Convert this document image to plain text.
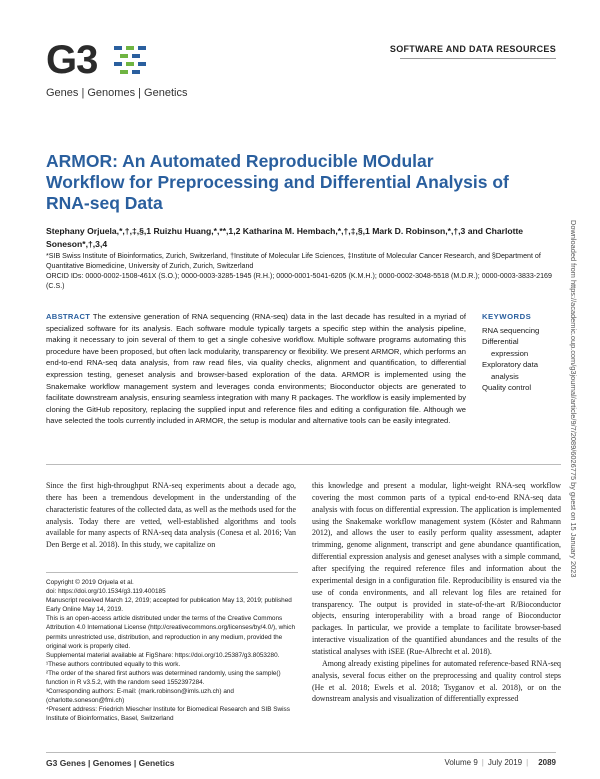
G3
Genes | Genomes | Genetics
SOFTWARE AND DATA RESOURCES
ARMOR: An Automated Reproducible MOdular Workflow for Preprocessing and Differential Analysis of RNA-seq Data
Stephany Orjuela,*,†,‡,§,1 Ruizhu Huang,*,**,1,2 Katharina M. Hembach,*,†,‡,§,1 Mark D. Robinson,*,†,3 and Charlotte Soneson*,†,3,4
*SIB Swiss Institute of Bioinformatics, Zurich, Switzerland, †Institute of Molecular Life Sciences, ‡Institute of Molecular Cancer Research, and §Department of Quantitative Biomedicine, University of Zurich, Zurich, Switzerland
ORCID IDs: 0000-0002-1508-461X (S.O.); 0000-0003-3285-1945 (R.H.); 0000-0001-5041-6205 (K.M.H.); 0000-0002-3048-5518 (M.D.R.); 0000-0003-3833-2169 (C.S.)
ABSTRACT The extensive generation of RNA sequencing (RNA-seq) data in the last decade has resulted in a myriad of specialized software for its analysis. Each software module typically targets a specific step within the analysis pipeline, making it necessary to join several of them to get a single cohesive workflow. Multiple software programs automating this procedure have been proposed, but often lack modularity, transparency or flexibility. We present ARMOR, which performs an end-to-end RNA-seq data analysis, from raw read files, via quality checks, alignment and quantification, to differential expression testing, geneset analysis and browser-based exploration of the data. ARMOR is implemented using the Snakemake workflow management system and leverages conda environments; Bioconductor objects are generated to facilitate downstream analysis, ensuring seamless integration with many R packages. The workflow is easily implemented by cloning the GitHub repository, replacing the supplied input and reference files and editing a configuration file. Although we have selected the tools currently included in ARMOR, the setup is modular and alternative tools can be easily integrated.
KEYWORDS
RNA sequencing
Differential
expression
Exploratory data
analysis
Quality control
Since the first high-throughput RNA-seq experiments about a decade ago, there has been a tremendous development in the understanding of the characteristic features of the collected data, as well as the methods used for the analysis. Today there are vetted, well-established algorithms and tools available for many aspects of RNA-seq data analysis (Conesa et al. 2016; Van Den Berge et al. 2018). In this study, we capitalize on

this knowledge and present a modular, light-weight RNA-seq workflow covering the most common parts of a typical end-to-end RNA-seq data analysis with focus on differential expression. The application is implemented using the Snakemake workflow management system (Köster and Rahmann 2012), and allows the user to easily perform quality assessment, adapter trimming, genome alignment, transcript and gene abundance quantification, differential expression analysis and geneset analyses with a simple command, after specifying the required reference files and information about the experimental design in a configuration file. Reproducibility is ensured via the use of conda environments, and all relevant log files are retained for transparency. The output is provided in state-of-the-art R/Bioconductor objects, ensuring interoperability with a broad range of Bioconductor packages. In particular, we provide a template to facilitate browser-based interactive visualization of the quantified abundances and the results of the statistical analyses with iSEE (Rue-Albrecht et al. 2018).

Among already existing pipelines for automated reference-based RNA-seq analysis, several focus either on the preprocessing and quality control steps (He et al. 2018; Ewels et al. 2018; Tsyganov et al. 2018), or on the downstream analysis and visualization of differentially expressed

Copyright © 2019 Orjuela et al.
doi: https://doi.org/10.1534/g3.119.400185
Manuscript received March 12, 2019; accepted for publication May 13, 2019; published Early Online May 14, 2019.
This is an open-access article distributed under the terms of the Creative Commons Attribution 4.0 International License (http://creativecommons.org/licenses/by/4.0/), which permits unrestricted use, distribution, and reproduction in any medium, provided the original work is properly cited.
Supplemental material available at FigShare: https://doi.org/10.25387/g3.8053280.
¹These authors contributed equally to this work.
²The order of the shared first authors was determined randomly, using the sample() function in R v3.5.2, with the random seed 1552397284.
³Corresponding authors: E-mail: (mark.robinson@imls.uzh.ch) and (charlotte.soneson@fmi.ch)
⁴Present address: Friedrich Miescher Institute for Biomedical Research and SIB Swiss Institute of Bioinformatics, Basel, Switzerland
Downloaded from https://academic.oup.com/g3journal/article/9/7/2089/6026775 by guest on 15 January 2023
G3 Genes | Genomes | Genetics	Volume 9 | July 2019 | 2089
